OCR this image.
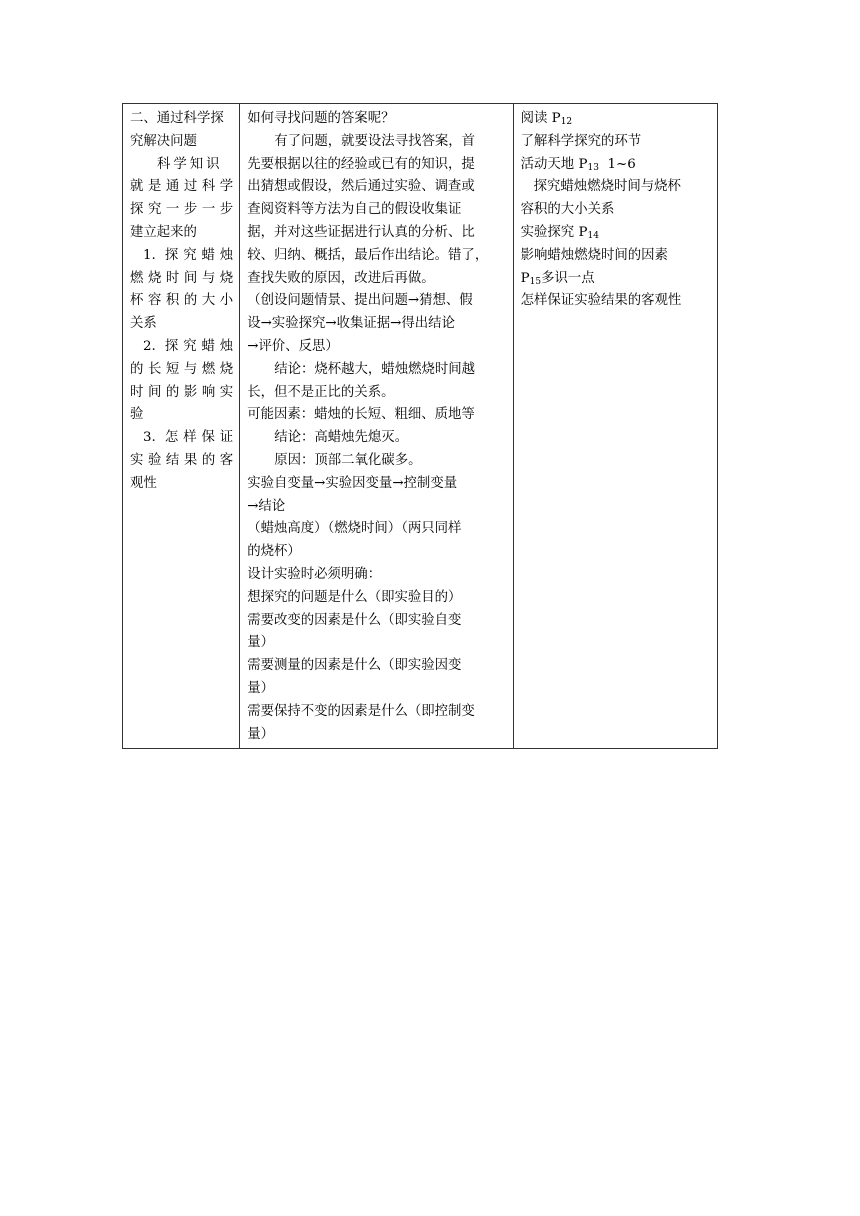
二、通过科学探
究解决问题
科学知识
就是通过科学
探究一步一步
建立起来的
1. 探究蜡烛
燃烧时间与烧
杯容积的大小
关系
2. 探究蜡烛
的长短与燃烧
时间的影响实
验
3. 怎样保证
实验结果的客
观性

如何寻找问题的答案呢？
有了问题，就要设法寻找答案，首
先要根据以往的经验或已有的知识，提
出猜想或假设，然后通过实验、调查或
查阅资料等方法为自己的假设收集证
据，并对这些证据进行认真的分析、比
较、归纳、概括，最后作出结论。错了，
查找失败的原因，改进后再做。
（创设问题情景、提出问题→猜想、假
设→实验探究→收集证据→得出结论
→评价、反思）
结论：烧杯越大，蜡烛燃烧时间越
长，但不是正比的关系。
可能因素：蜡烛的长短、粗细、质地等
结论：高蜡烛先熄灭。
原因：顶部二氧化碳多。
实验自变量→实验因变量→控制变量
→结论
（蜡烛高度）（燃烧时间）（两只同样
的烧杯）
设计实验时必须明确：
想探究的问题是什么（即实验目的）
需要改变的因素是什么（即实验自变
量）
需要测量的因素是什么（即实验因变
量）
需要保持不变的因素是什么（即控制变
量）

阅读 $P_{12}$
了解科学探究的环节
活动天地 $P_{13}$ 1~6
探究蜡烛燃烧时间与烧杯
容积的大小关系
实验探究 $P_{14}$
影响蜡烛燃烧时间的因素
$P_{15}$多识一点
怎样保证实验结果的客观性
